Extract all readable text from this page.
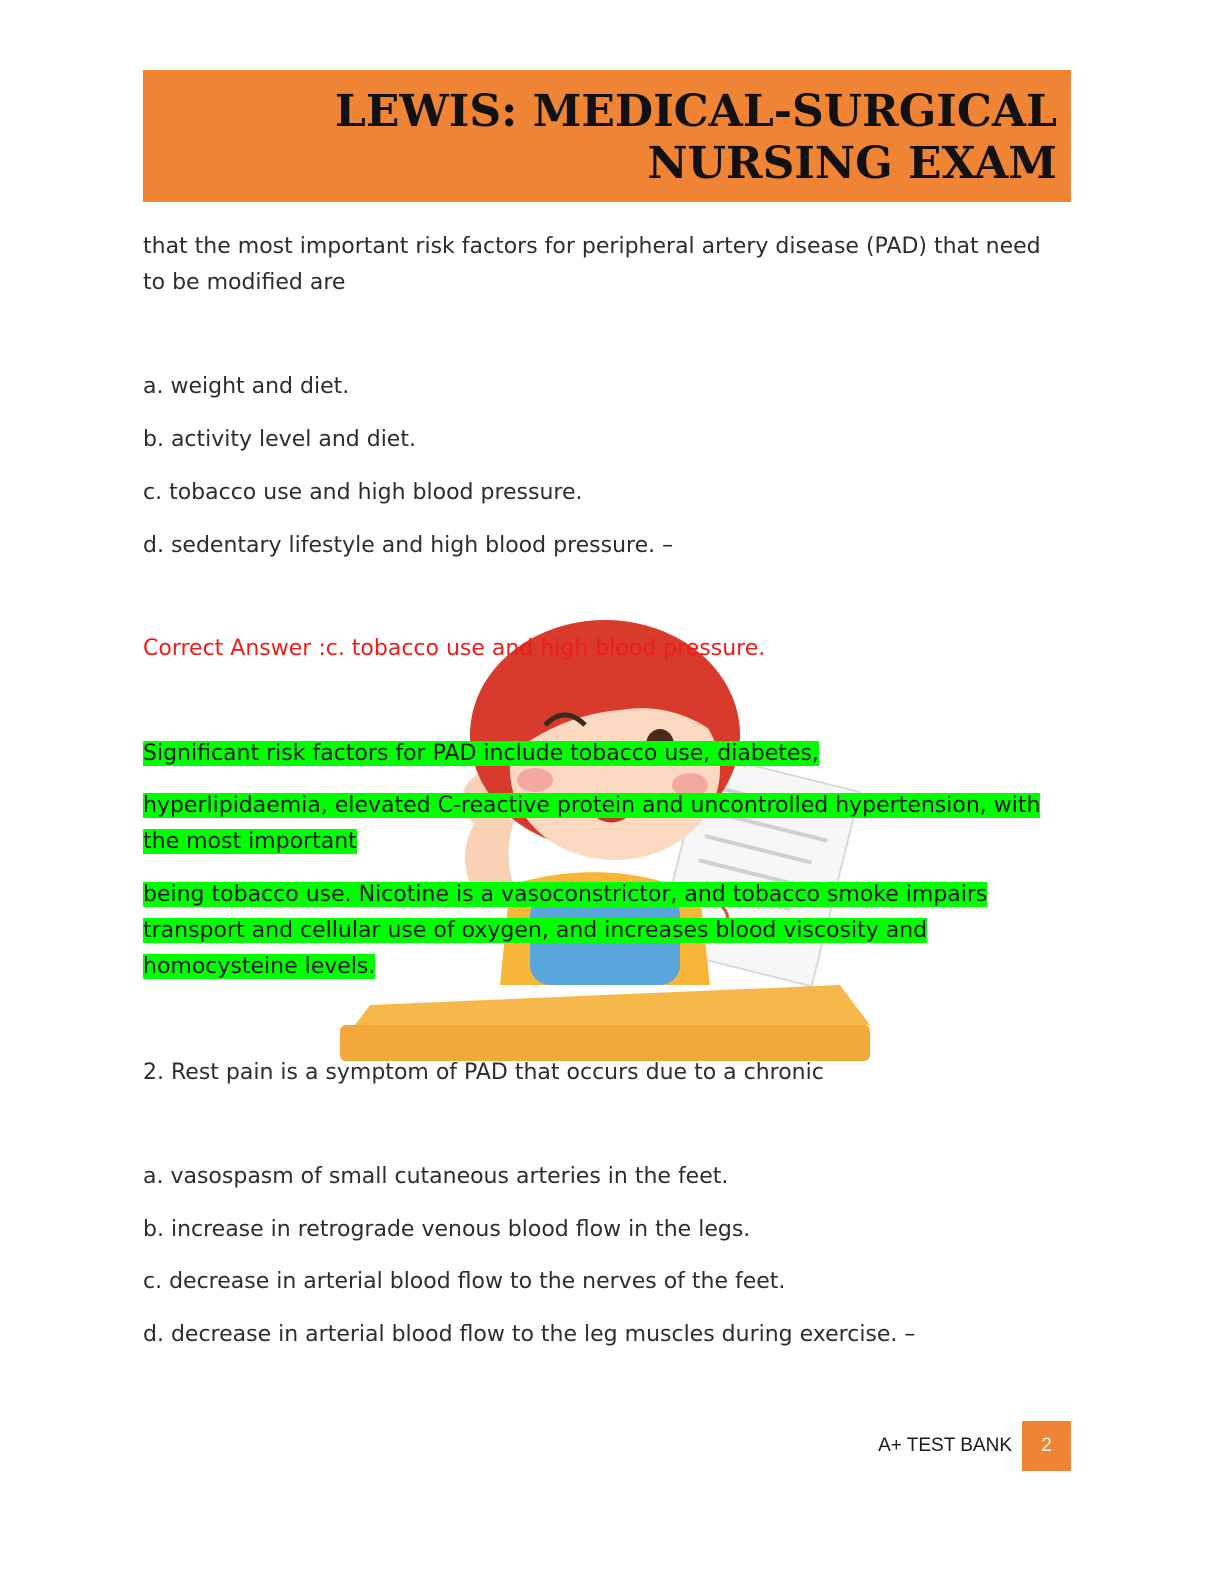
LEWIS: MEDICAL-SURGICAL
NURSING EXAM
that the most important risk factors for peripheral artery disease (PAD) that need to be modified are
a. weight and diet.
b. activity level and diet.
c. tobacco use and high blood pressure.
d. sedentary lifestyle and high blood pressure. –
Correct Answer :c. tobacco use and high blood pressure.
Significant risk factors for PAD include tobacco use, diabetes,
hyperlipidaemia, elevated C-reactive protein and uncontrolled hypertension, with the most important
being tobacco use. Nicotine is a vasoconstrictor, and tobacco smoke impairs transport and cellular use of oxygen, and increases blood viscosity and homocysteine levels.
2. Rest pain is a symptom of PAD that occurs due to a chronic
a. vasospasm of small cutaneous arteries in the feet.
b. increase in retrograde venous blood flow in the legs.
c. decrease in arterial blood flow to the nerves of the feet.
d. decrease in arterial blood flow to the leg muscles during exercise. –
A+ TEST BANK	2
